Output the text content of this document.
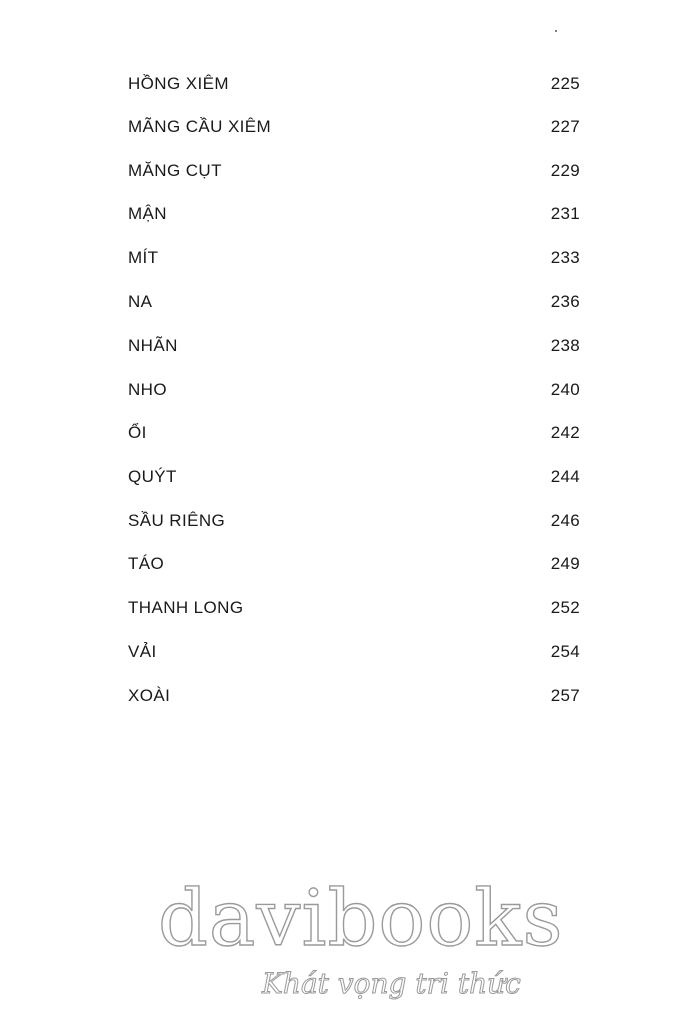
HỒNG XIÊM	225
MÃNG CẦU XIÊM	227
MĂNG CỤT	229
MẬN	231
MÍT	233
NA	236
NHÃN	238
NHO	240
ỔI	242
QUÝT	244
SẦU RIÊNG	246
TÁO	249
THANH LONG	252
VẢI	254
XOÀI	257
davibooks
Khát vọng tri thức
